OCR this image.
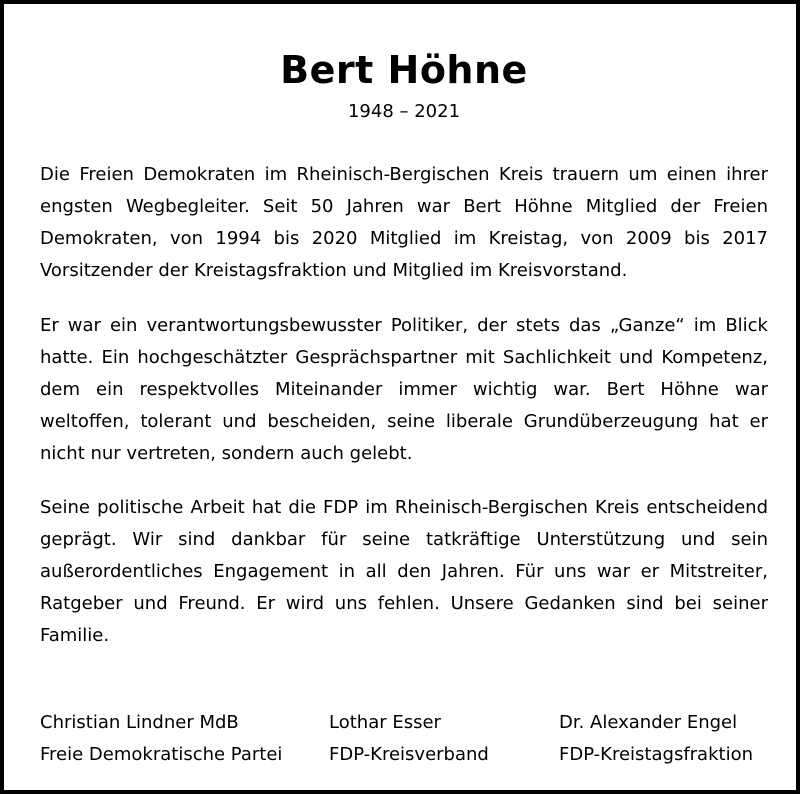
Bert Höhne
1948 – 2021

Die Freien Demokraten im Rheinisch-Bergischen Kreis trauern um einen ihrer engsten Wegbegleiter. Seit 50 Jahren war Bert Höhne Mitglied der Freien Demokraten, von 1994 bis 2020 Mitglied im Kreistag, von 2009 bis 2017 Vorsitzender der Kreistagsfraktion und Mitglied im Kreisvorstand.

Er war ein verantwortungsbewusster Politiker, der stets das „Ganze“ im Blick hatte. Ein hochgeschätzter Gesprächspartner mit Sachlichkeit und Kompetenz, dem ein respektvolles Miteinander immer wichtig war. Bert Höhne war weltoffen, tolerant und bescheiden, seine liberale Grundüberzeugung hat er nicht nur vertreten, sondern auch gelebt.

Seine politische Arbeit hat die FDP im Rheinisch-Bergischen Kreis entscheidend geprägt. Wir sind dankbar für seine tatkräftige Unterstützung und sein außerordentliches Engagement in all den Jahren. Für uns war er Mitstreiter, Ratgeber und Freund. Er wird uns fehlen. Unsere Gedanken sind bei seiner Familie.

Christian Lindner MdB
Freie Demokratische Partei
Lothar Esser
FDP-Kreisverband
Dr. Alexander Engel
FDP-Kreistagsfraktion
